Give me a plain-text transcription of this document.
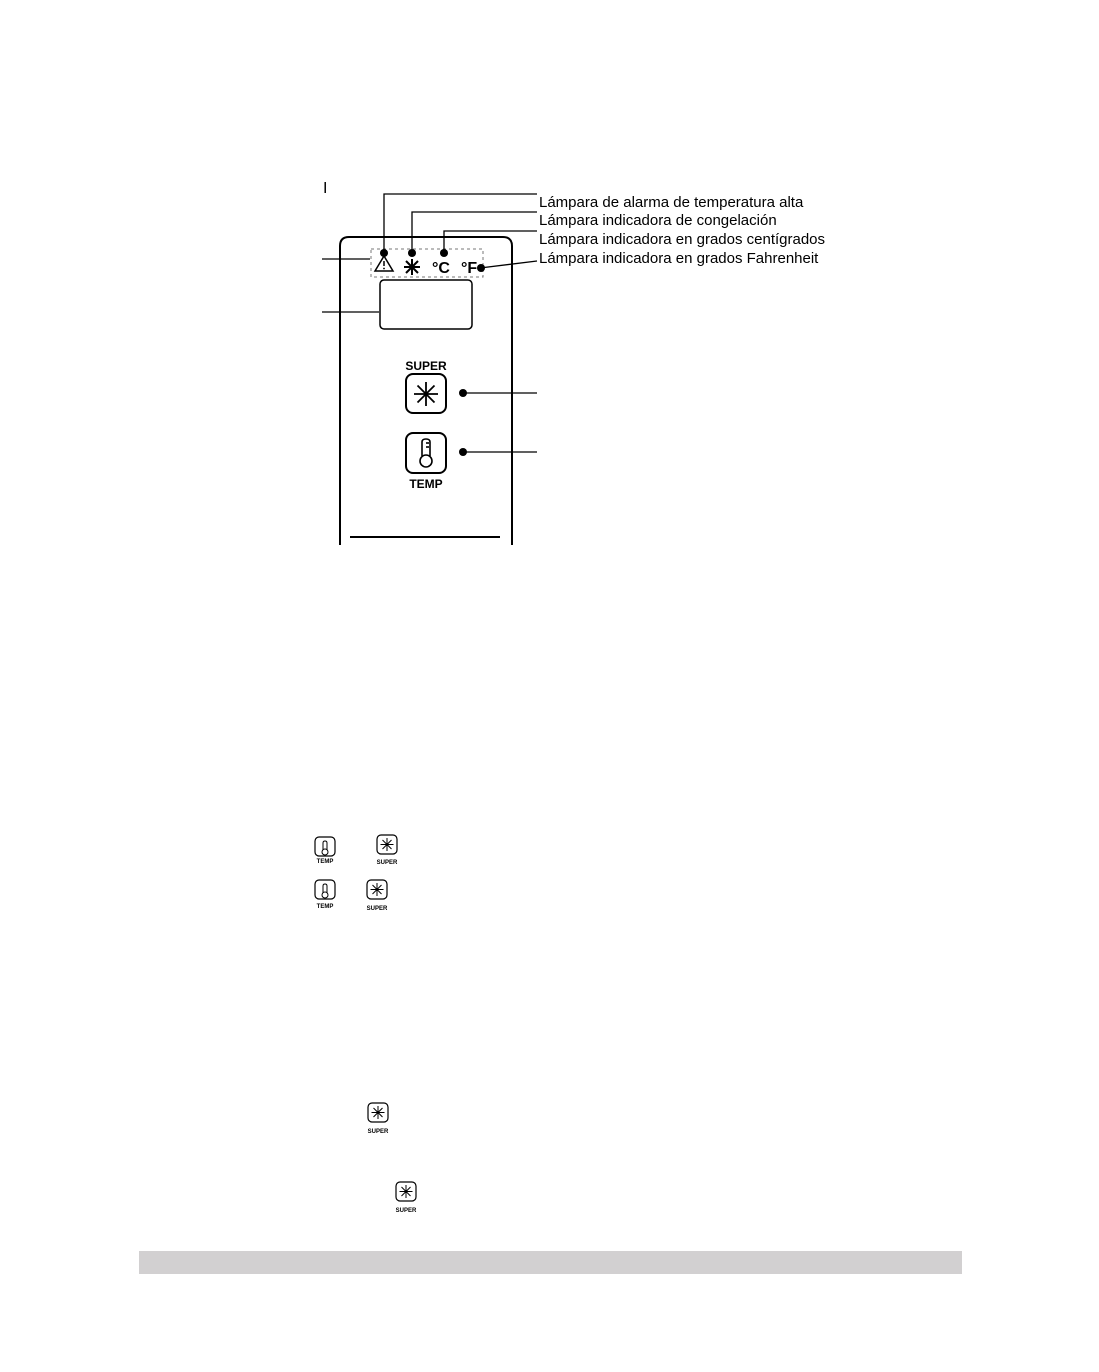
I
Lámpara de alarma de temperatura alta
Lámpara indicadora de congelación
Lámpara indicadora en grados centígrados
Lámpara indicadora en grados Fahrenheit
°C °F
SUPER
TEMP
TEMP	SUPER
TEMP	SUPER
SUPER
SUPER
